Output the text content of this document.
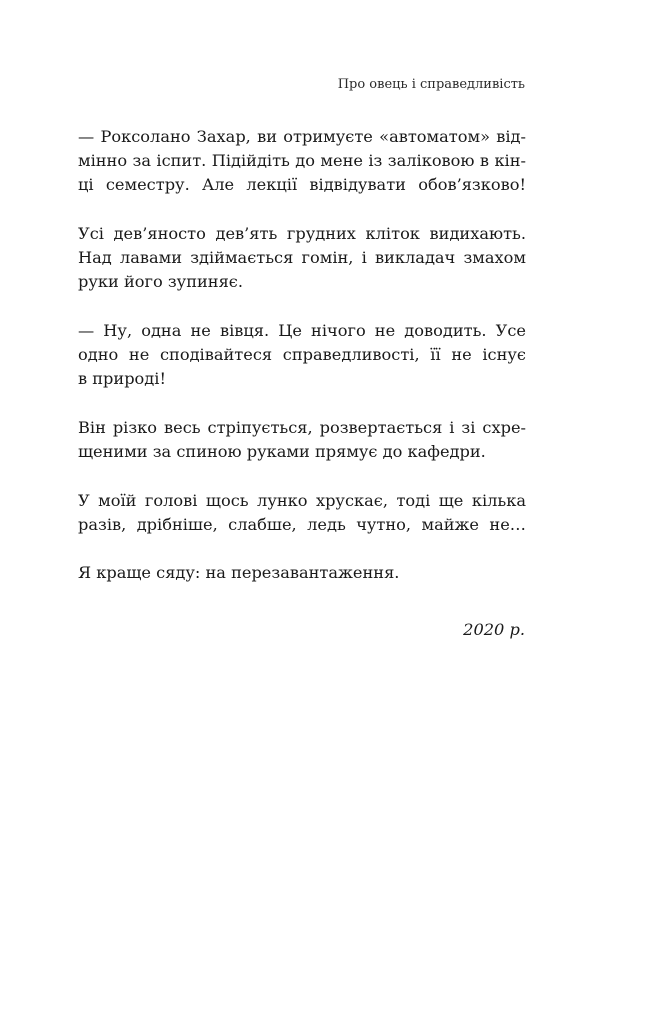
Про овець і справедливість
— Роксолано Захар, ви отримуєте «автоматом» від-
мінно за іспит. Підійдіть до мене із заліковою в кін-
ці семестру. Але лекції відвідувати обов’язково!
Усі дев’яносто дев’ять грудних кліток видихають.
Над лавами здіймається гомін, і викладач змахом
руки його зупиняє.
— Ну, одна не вівця. Це нічого не доводить. Усе
одно не сподівайтеся справедливості, її не існує
в природі!
Він різко весь стріпується, розвертається і зі схре-
щеними за спиною руками прямує до кафедри.
У моїй голові щось лунко хрускає, тоді ще кілька
разів, дрібніше, слабше, ледь чутно, майже не…
Я краще сяду: на перезавантаження.
2020 р.
